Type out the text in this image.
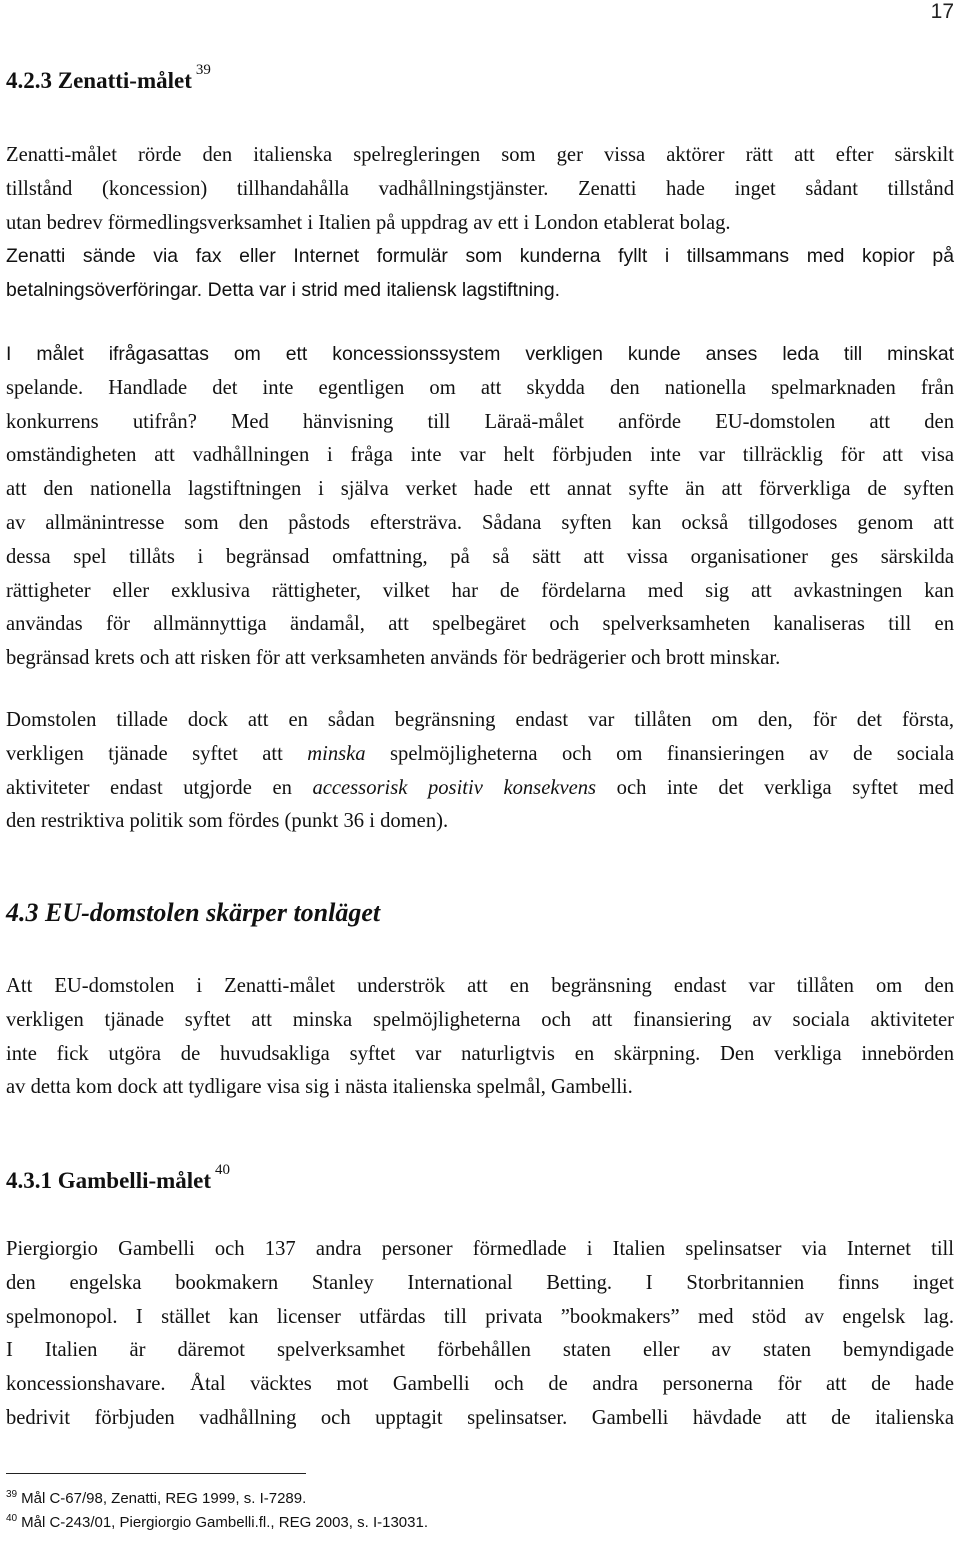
17
4.2.3 Zenatti-målet $^{39}$
Zenatti-målet rörde den italienska spelregleringen som ger vissa aktörer rätt att efter särskilt
tillstånd (koncession) tillhandahålla vadhållningstjänster. Zenatti hade inget sådant tillstånd
utan bedrev förmedlingsverksamhet i Italien på uppdrag av ett i London etablerat bolag.
Zenatti sände via fax eller Internet formulär som kunderna fyllt i tillsammans med kopior på
betalningsöverföringar. Detta var i strid med italiensk lagstiftning.
I målet ifrågasattas om ett koncessionssystem verkligen kunde anses leda till minskat
spelande. Handlade det inte egentligen om att skydda den nationella spelmarknaden från
konkurrens utifrån? Med hänvisning till Läraä-målet anförde EU-domstolen att den
omständigheten att vadhållningen i fråga inte var helt förbjuden inte var tillräcklig för att visa
att den nationella lagstiftningen i själva verket hade ett annat syfte än att förverkliga de syften
av allmänintresse som den påstods eftersträva. Sådana syften kan också tillgodoses genom att
dessa spel tillåts i begränsad omfattning, på så sätt att vissa organisationer ges särskilda
rättigheter eller exklusiva rättigheter, vilket har de fördelarna med sig att avkastningen kan
användas för allmännyttiga ändamål, att spelbegäret och spelverksamheten kanaliseras till en
begränsad krets och att risken för att verksamheten används för bedrägerier och brott minskar.
Domstolen tillade dock att en sådan begränsning endast var tillåten om den, för det första,
verkligen tjänade syftet att minska spelmöjligheterna och om finansieringen av de sociala
aktiviteter endast utgjorde en accessorisk positiv konsekvens och inte det verkliga syftet med
den restriktiva politik som fördes (punkt 36 i domen).
4.3 EU-domstolen skärper tonläget
Att EU-domstolen i Zenatti-målet underströk att en begränsning endast var tillåten om den
verkligen tjänade syftet att minska spelmöjligheterna och att finansiering av sociala aktiviteter
inte fick utgöra de huvudsakliga syftet var naturligtvis en skärpning. Den verkliga innebörden
av detta kom dock att tydligare visa sig i nästa italienska spelmål, Gambelli.
4.3.1 Gambelli-målet $^{40}$
Piergiorgio Gambelli och 137 andra personer förmedlade i Italien spelinsatser via Internet till
den engelska bookmakern Stanley International Betting. I Storbritannien finns inget
spelmonopol. I stället kan licenser utfärdas till privata ”bookmakers” med stöd av engelsk lag.
I Italien är däremot spelverksamhet förbehållen staten eller av staten bemyndigade
koncessionshavare. Åtal väcktes mot Gambelli och de andra personerna för att de hade
bedrivit förbjuden vadhållning och upptagit spelinsatser. Gambelli hävdade att de italienska
$^{39}$ Mål C-67/98, Zenatti, REG 1999, s. I-7289.
$^{40}$ Mål C-243/01, Piergiorgio Gambelli.fl., REG 2003, s. I-13031.
